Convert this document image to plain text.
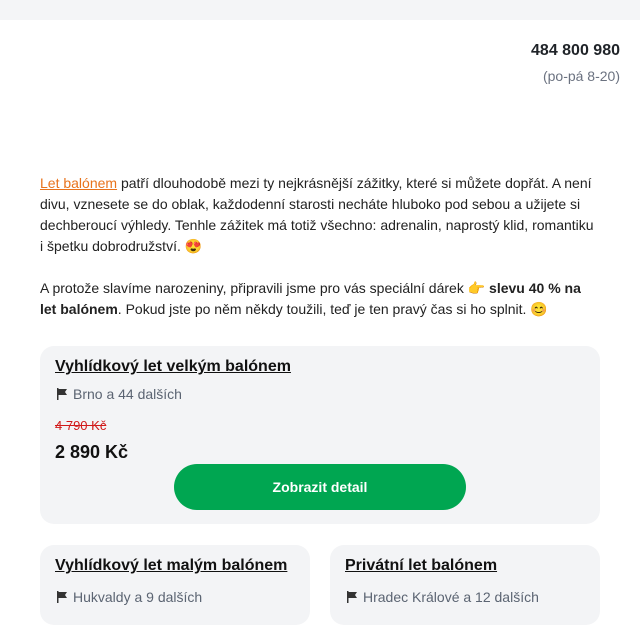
484 800 980
(po-pá 8-20)

Let balónem patří dlouhodobě mezi ty nejkrásnější zážitky, které si můžete dopřát. A není divu, vznesete se do oblak, každodenní starosti necháte hluboko pod sebou a užijete si dechberoucí výhledy. Tenhle zážitek má totiž všechno: adrenalin, naprostý klid, romantiku i špetku dobrodružství. 😍

A protože slavíme narozeniny, připravili jsme pro vás speciální dárek 👉 slevu 40 % na let balónem. Pokud jste po něm někdy toužili, teď je ten pravý čas si ho splnit. 😊

Vyhlídkový let velkým balónem
Brno a 44 dalších
4 790 Kč
2 890 Kč
Zobrazit detail
Vyhlídkový let malým balónem
Hukvaldy a 9 dalších
Privátní let balónem
Hradec Králové a 12 dalších
